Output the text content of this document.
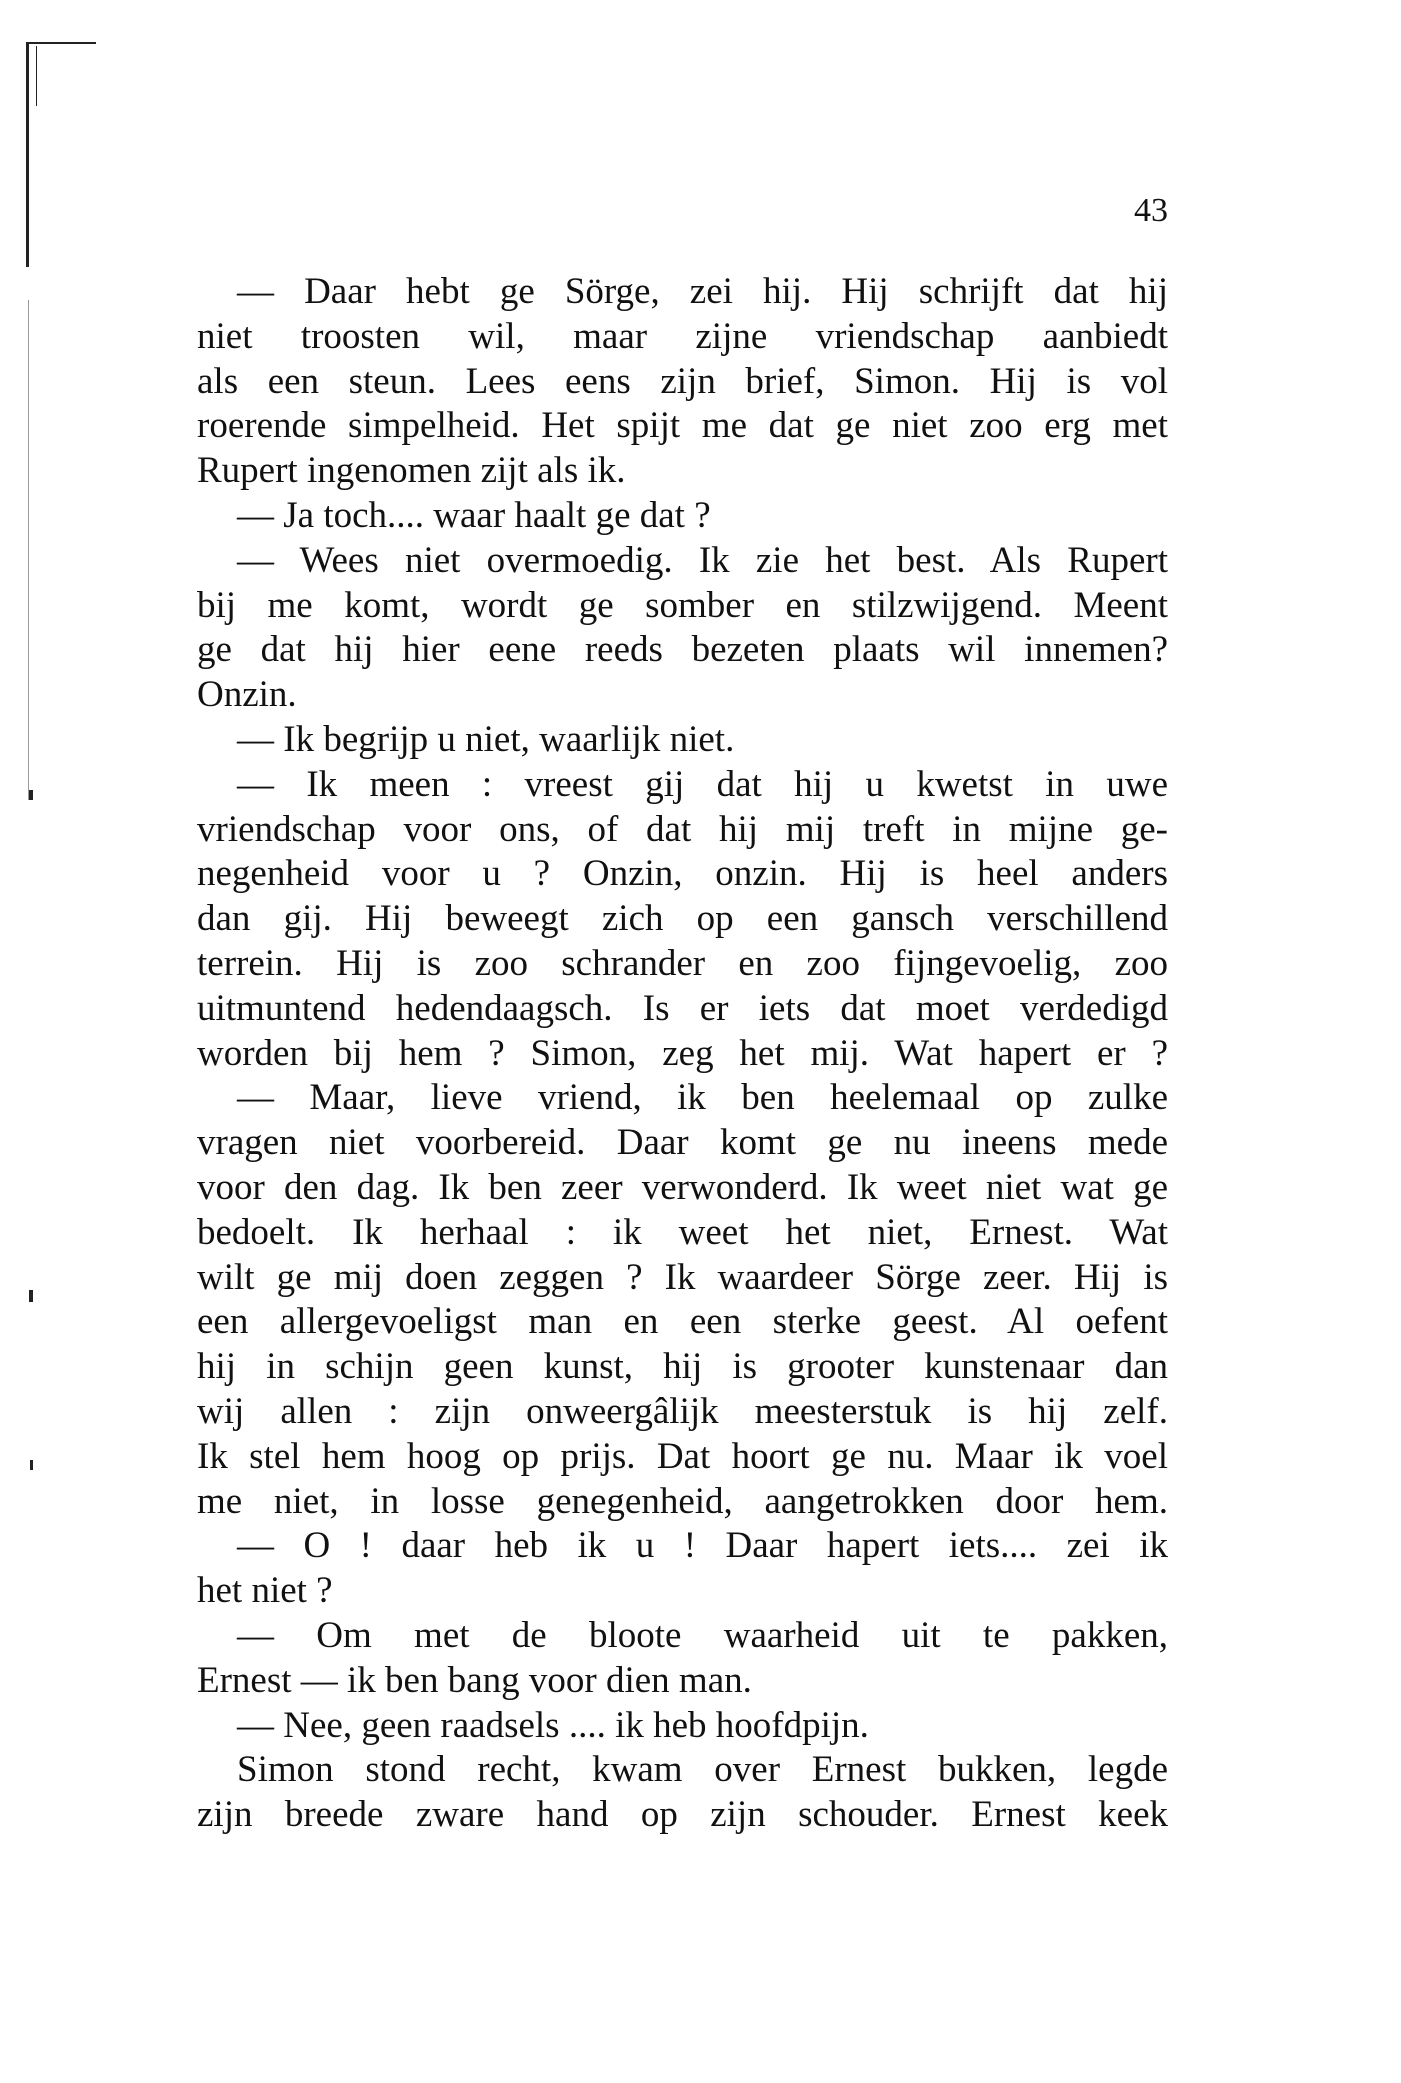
43
— Daar hebt ge Sörge, zei hij. Hij schrijft dat hij
niet troosten wil, maar zijne vriendschap aanbiedt
als een steun. Lees eens zijn brief, Simon. Hij is vol
roerende simpelheid. Het spijt me dat ge niet zoo erg met
Rupert ingenomen zijt als ik.
— Ja toch.... waar haalt ge dat ?
— Wees niet overmoedig. Ik zie het best. Als Rupert
bij me komt, wordt ge somber en stilzwijgend. Meent
ge dat hij hier eene reeds bezeten plaats wil innemen?
Onzin.
— Ik begrijp u niet, waarlijk niet.
— Ik meen : vreest gij dat hij u kwetst in uwe
vriendschap voor ons, of dat hij mij treft in mijne ge-
negenheid voor u ? Onzin, onzin. Hij is heel anders
dan gij. Hij beweegt zich op een gansch verschillend
terrein. Hij is zoo schrander en zoo fijngevoelig, zoo
uitmuntend hedendaagsch. Is er iets dat moet verdedigd
worden bij hem ? Simon, zeg het mij. Wat hapert er ?
— Maar, lieve vriend, ik ben heelemaal op zulke
vragen niet voorbereid. Daar komt ge nu ineens mede
voor den dag. Ik ben zeer verwonderd. Ik weet niet wat ge
bedoelt. Ik herhaal : ik weet het niet, Ernest. Wat
wilt ge mij doen zeggen ? Ik waardeer Sörge zeer. Hij is
een allergevoeligst man en een sterke geest. Al oefent
hij in schijn geen kunst, hij is grooter kunstenaar dan
wij allen : zijn onweergâlijk meesterstuk is hij zelf.
Ik stel hem hoog op prijs. Dat hoort ge nu. Maar ik voel
me niet, in losse genegenheid, aangetrokken door hem.
— O ! daar heb ik u ! Daar hapert iets.... zei ik
het niet ?
— Om met de bloote waarheid uit te pakken,
Ernest — ik ben bang voor dien man.
— Nee, geen raadsels .... ik heb hoofdpijn.
Simon stond recht, kwam over Ernest bukken, legde
zijn breede zware hand op zijn schouder. Ernest keek
